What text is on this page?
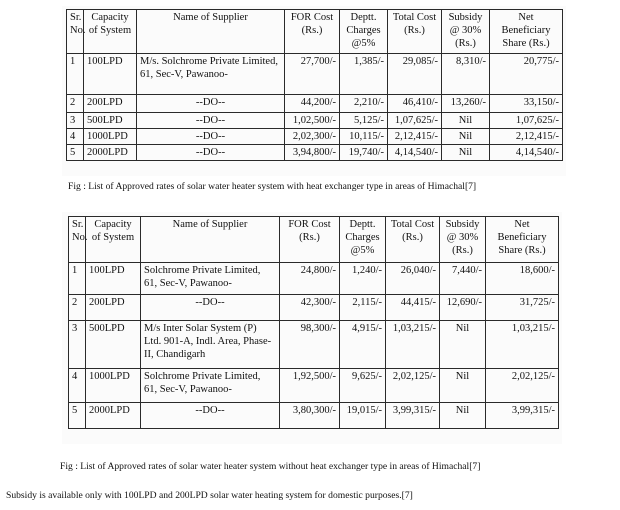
Sr. No.	Capacity of System	Name of Supplier	FOR Cost (Rs.)	Deptt. Charges @5%	Total Cost (Rs.)	Subsidy @ 30% (Rs.)	Net Beneficiary Share (Rs.)
1	100LPD	M/s. Solchrome Private Limited, 61, Sec-V, Pawanoo-	27,700/-	1,385/-	29,085/-	8,310/-	20,775/-
2	200LPD	--DO--	44,200/-	2,210/-	46,410/-	13,260/-	33,150/-
3	500LPD	--DO--	1,02,500/-	5,125/-	1,07,625/-	Nil	1,07,625/-
4	1000LPD	--DO--	2,02,300/-	10,115/-	2,12,415/-	Nil	2,12,415/-
5	2000LPD	--DO--	3,94,800/-	19,740/-	4,14,540/-	Nil	4,14,540/-
Fig : List of Approved rates of solar water heater system with heat exchanger type in areas of Himachal[7]
Sr. No.	Capacity of System	Name of Supplier	FOR Cost (Rs.)	Deptt. Charges @5%	Total Cost (Rs.)	Subsidy @ 30% (Rs.)	Net Beneficiary Share (Rs.)
1	100LPD	Solchrome Private Limited, 61, Sec-V, Pawanoo-	24,800/-	1,240/-	26,040/-	7,440/-	18,600/-
2	200LPD	--DO--	42,300/-	2,115/-	44,415/-	12,690/-	31,725/-
3	500LPD	M/s Inter Solar System (P) Ltd. 901-A, Indl. Area, Phase-II, Chandigarh	98,300/-	4,915/-	1,03,215/-	Nil	1,03,215/-
4	1000LPD	Solchrome Private Limited, 61, Sec-V, Pawanoo-	1,92,500/-	9,625/-	2,02,125/-	Nil	2,02,125/-
5	2000LPD	--DO--	3,80,300/-	19,015/-	3,99,315/-	Nil	3,99,315/-
Fig : List of Approved rates of solar water heater system without heat exchanger type in areas of Himachal[7]
Subsidy is available only with 100LPD and 200LPD solar water heating system for domestic purposes.[7]
